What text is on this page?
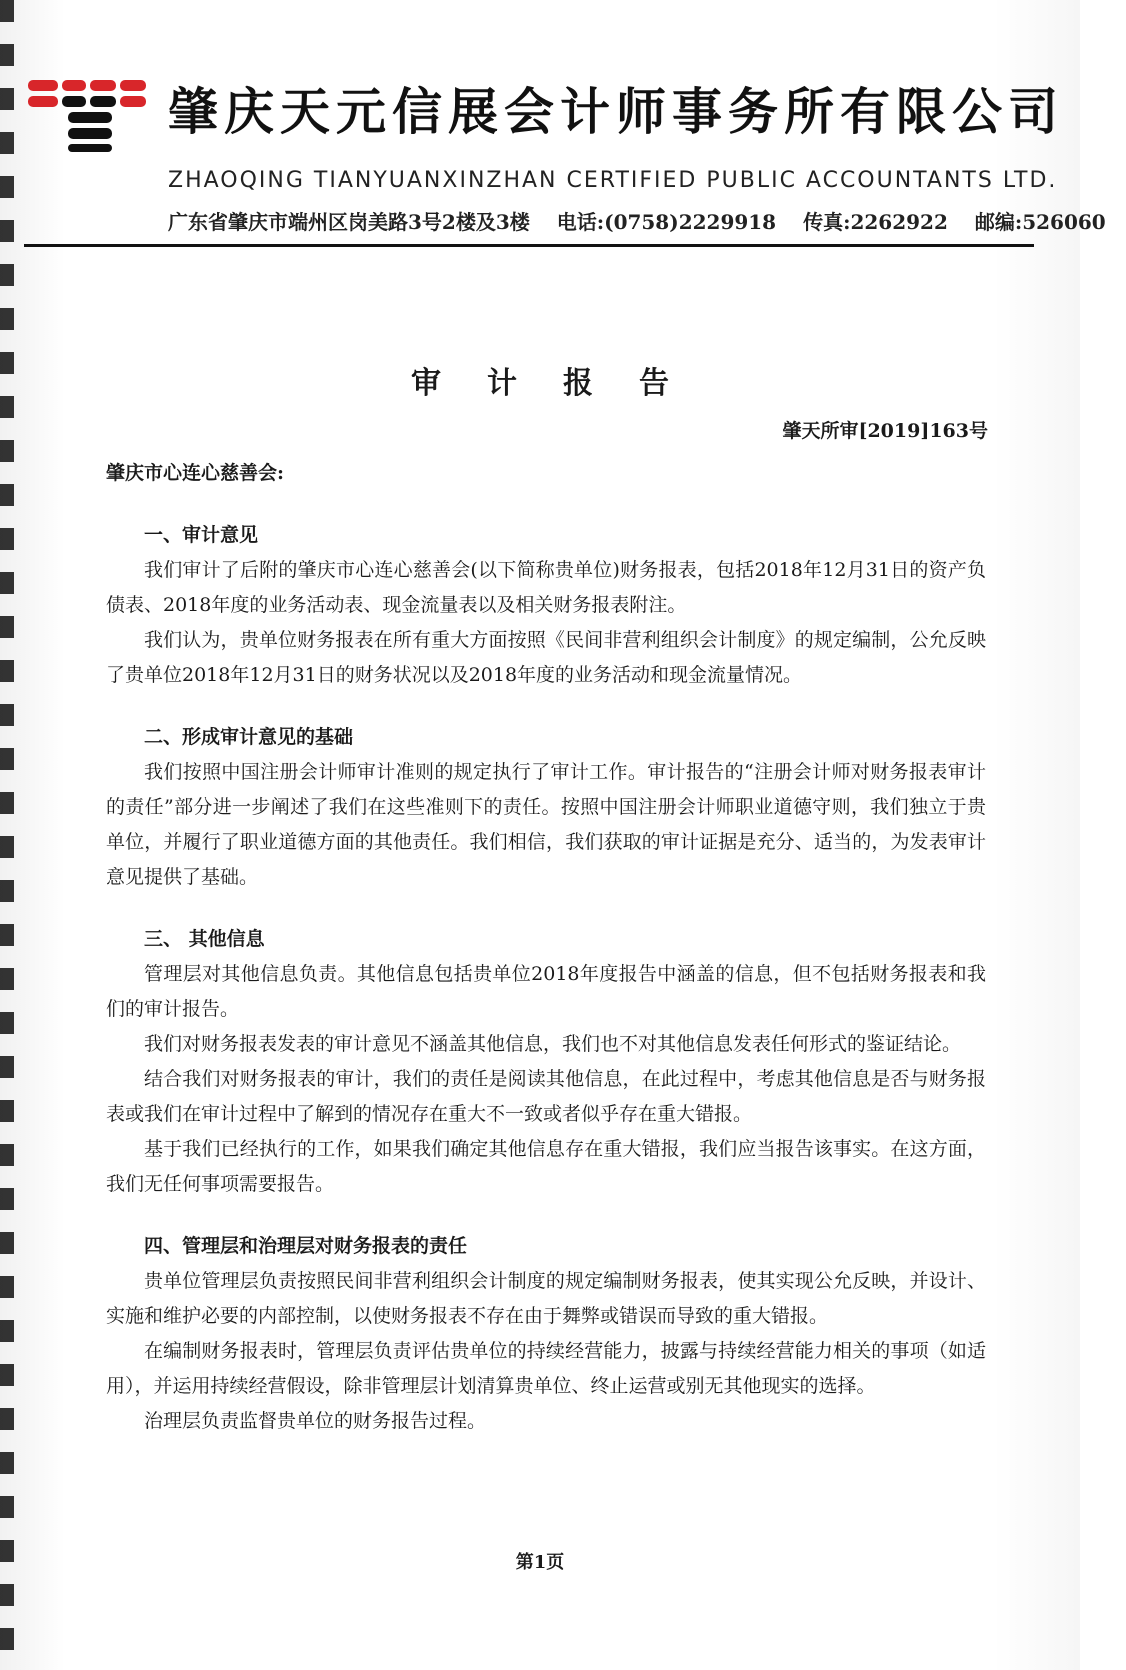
肇庆天元信展会计师事务所有限公司
ZHAOQING TIANYUANXINZHAN CERTIFIED PUBLIC ACCOUNTANTS LTD.
广东省肇庆市端州区岗美路3号2楼及3楼 电话:(0758)2229918 传真:2262922 邮编:526060
审计报告
肇天所审[2019]163号
肇庆市心连心慈善会:

一、审计意见

我们审计了后附的肇庆市心连心慈善会(以下简称贵单位)财务报表，包括2018年12月31日的资产负债表、2018年度的业务活动表、现金流量表以及相关财务报表附注。

我们认为，贵单位财务报表在所有重大方面按照《民间非营利组织会计制度》的规定编制，公允反映了贵单位2018年12月31日的财务状况以及2018年度的业务活动和现金流量情况。

二、形成审计意见的基础

我们按照中国注册会计师审计准则的规定执行了审计工作。审计报告的“注册会计师对财务报表审计的责任”部分进一步阐述了我们在这些准则下的责任。按照中国注册会计师职业道德守则，我们独立于贵单位，并履行了职业道德方面的其他责任。我们相信，我们获取的审计证据是充分、适当的，为发表审计意见提供了基础。

三、 其他信息

管理层对其他信息负责。其他信息包括贵单位2018年度报告中涵盖的信息，但不包括财务报表和我们的审计报告。

我们对财务报表发表的审计意见不涵盖其他信息，我们也不对其他信息发表任何形式的鉴证结论。

结合我们对财务报表的审计，我们的责任是阅读其他信息，在此过程中，考虑其他信息是否与财务报表或我们在审计过程中了解到的情况存在重大不一致或者似乎存在重大错报。

基于我们已经执行的工作，如果我们确定其他信息存在重大错报，我们应当报告该事实。在这方面，我们无任何事项需要报告。

四、管理层和治理层对财务报表的责任

贵单位管理层负责按照民间非营利组织会计制度的规定编制财务报表，使其实现公允反映，并设计、实施和维护必要的内部控制，以使财务报表不存在由于舞弊或错误而导致的重大错报。

在编制财务报表时，管理层负责评估贵单位的持续经营能力，披露与持续经营能力相关的事项（如适用），并运用持续经营假设，除非管理层计划清算贵单位、终止运营或别无其他现实的选择。

治理层负责监督贵单位的财务报告过程。

第1页
